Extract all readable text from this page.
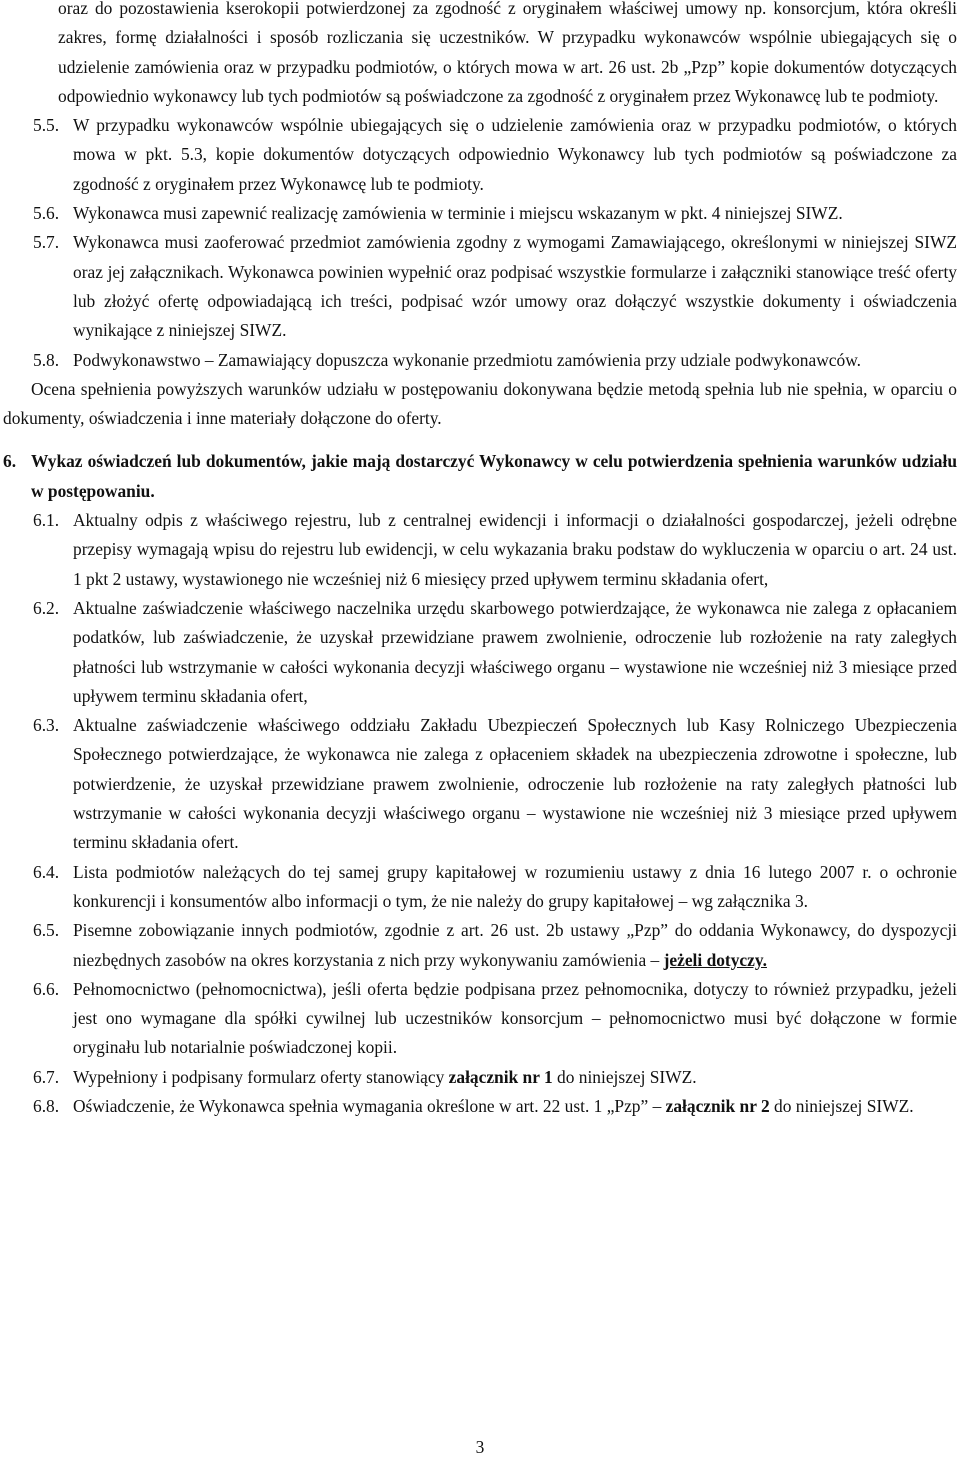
oraz do pozostawienia kserokopii potwierdzonej za zgodność z oryginałem właściwej umowy np. konsorcjum, która określi zakres, formę działalności i sposób rozliczania się uczestników. W przypadku wykonawców wspólnie ubiegających się o udzielenie zamówienia oraz w przypadku podmiotów, o których mowa w art. 26 ust. 2b „Pzp” kopie dokumentów dotyczących odpowiednio wykonawcy lub tych podmiotów są poświadczone za zgodność z oryginałem przez Wykonawcę lub te podmioty.

5.5. W przypadku wykonawców wspólnie ubiegających się o udzielenie zamówienia oraz w przypadku podmiotów, o których mowa w pkt. 5.3, kopie dokumentów dotyczących odpowiednio Wykonawcy lub tych podmiotów są poświadczone za zgodność z oryginałem przez Wykonawcę lub te podmioty.
5.6. Wykonawca musi zapewnić realizację zamówienia w terminie i miejscu wskazanym w pkt. 4 niniejszej SIWZ.
5.7. Wykonawca musi zaoferować przedmiot zamówienia zgodny z wymogami Zamawiającego, określonymi w niniejszej SIWZ oraz jej załącznikach. Wykonawca powinien wypełnić oraz podpisać wszystkie formularze i załączniki stanowiące treść oferty lub złożyć ofertę odpowiadającą ich treści, podpisać wzór umowy oraz dołączyć wszystkie dokumenty i oświadczenia wynikające z niniejszej SIWZ.
5.8. Podwykonawstwo – Zamawiający dopuszcza wykonanie przedmiotu zamówienia przy udziale podwykonawców.

Ocena spełnienia powyższych warunków udziału w postępowaniu dokonywana będzie metodą spełnia lub nie spełnia, w oparciu o dokumenty, oświadczenia i inne materiały dołączone do oferty.

6. Wykaz oświadczeń lub dokumentów, jakie mają dostarczyć Wykonawcy w celu potwierdzenia spełnienia warunków udziału w postępowaniu.

6.1. Aktualny odpis z właściwego rejestru, lub z centralnej ewidencji i informacji o działalności gospodarczej, jeżeli odrębne przepisy wymagają wpisu do rejestru lub ewidencji, w celu wykazania braku podstaw do wykluczenia w oparciu o art. 24 ust. 1 pkt 2 ustawy, wystawionego nie wcześniej niż 6 miesięcy przed upływem terminu składania ofert,
6.2. Aktualne zaświadczenie właściwego naczelnika urzędu skarbowego potwierdzające, że wykonawca nie zalega z opłacaniem podatków, lub zaświadczenie, że uzyskał przewidziane prawem zwolnienie, odroczenie lub rozłożenie na raty zaległych płatności lub wstrzymanie w całości wykonania decyzji właściwego organu – wystawione nie wcześniej niż 3 miesiące przed upływem terminu składania ofert,
6.3. Aktualne zaświadczenie właściwego oddziału Zakładu Ubezpieczeń Społecznych lub Kasy Rolniczego Ubezpieczenia Społecznego potwierdzające, że wykonawca nie zalega z opłaceniem składek na ubezpieczenia zdrowotne i społeczne, lub potwierdzenie, że uzyskał przewidziane prawem zwolnienie, odroczenie lub rozłożenie na raty zaległych płatności lub wstrzymanie w całości wykonania decyzji właściwego organu – wystawione nie wcześniej niż 3 miesiące przed upływem terminu składania ofert.
6.4. Lista podmiotów należących do tej samej grupy kapitałowej w rozumieniu ustawy z dnia 16 lutego 2007 r. o ochronie konkurencji i konsumentów albo informacji o tym, że nie należy do grupy kapitałowej – wg załącznika 3.
6.5. Pisemne zobowiązanie innych podmiotów, zgodnie z art. 26 ust. 2b ustawy „Pzp” do oddania Wykonawcy, do dyspozycji niezbędnych zasobów na okres korzystania z nich przy wykonywaniu zamówienia – jeżeli dotyczy.
6.6. Pełnomocnictwo (pełnomocnictwa), jeśli oferta będzie podpisana przez pełnomocnika, dotyczy to również przypadku, jeżeli jest ono wymagane dla spółki cywilnej lub uczestników konsorcjum – pełnomocnictwo musi być dołączone w formie oryginału lub notarialnie poświadczonej kopii.
6.7. Wypełniony i podpisany formularz oferty stanowiący załącznik nr 1 do niniejszej SIWZ.
6.8. Oświadczenie, że Wykonawca spełnia wymagania określone w art. 22 ust. 1 „Pzp” – załącznik nr 2 do niniejszej SIWZ.
3
